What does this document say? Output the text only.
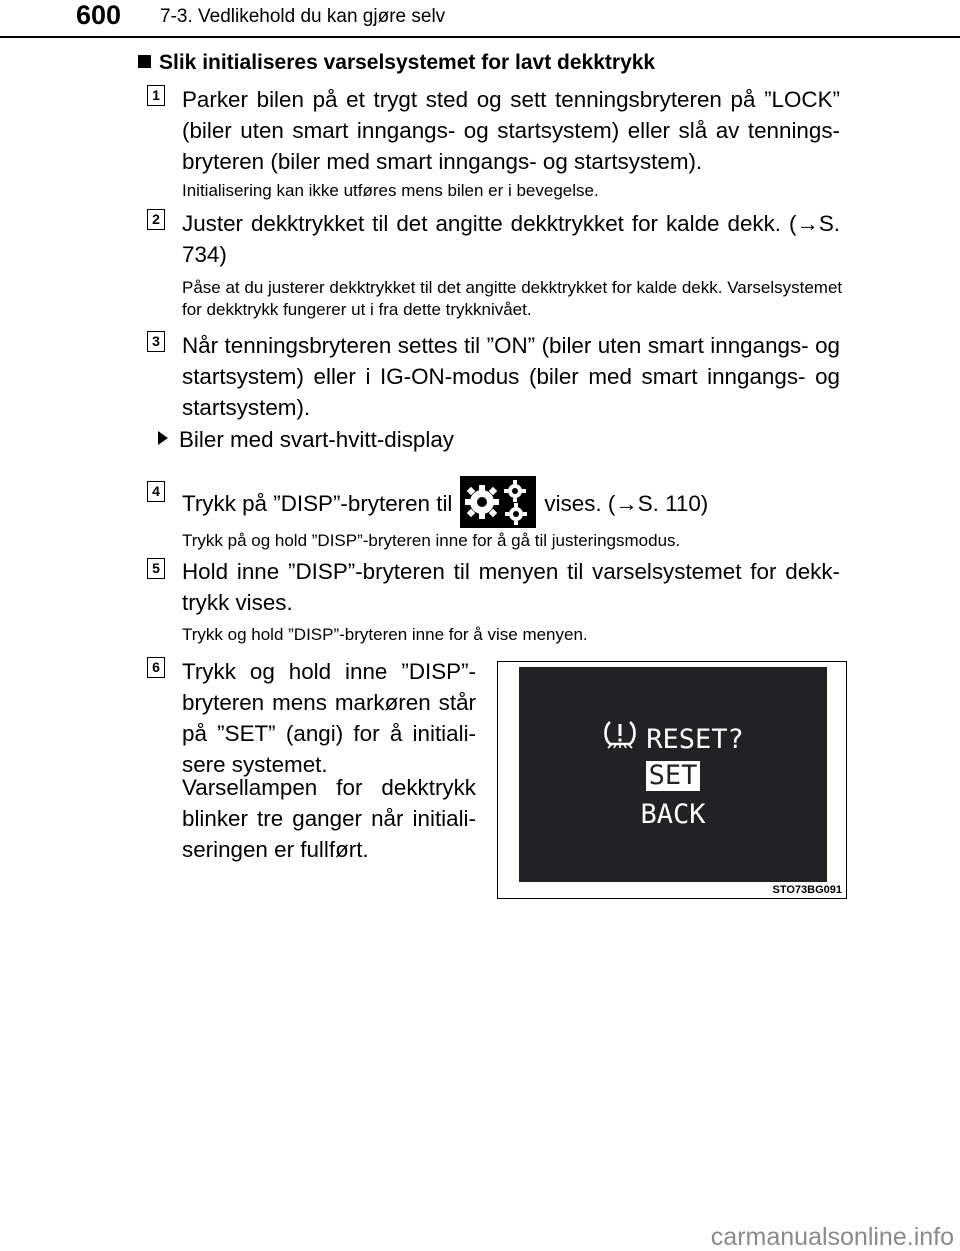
600 7-3. Vedlikehold du kan gjøre selv
Slik initialiseres varselsystemet for lavt dekktrykk
1 Parker bilen på et trygt sted og sett tenningsbryteren på ”LOCK” (biler uten smart inngangs- og startsystem) eller slå av tennings-bryteren (biler med smart inngangs- og startsystem).
Initialisering kan ikke utføres mens bilen er i bevegelse.
2 Juster dekktrykket til det angitte dekktrykket for kalde dekk. (→S. 734)
Påse at du justerer dekktrykket til det angitte dekktrykket for kalde dekk. Varselsystemet for dekktrykk fungerer ut i fra dette trykknivået.
3 Når tenningsbryteren settes til ”ON” (biler uten smart inngangs- og startsystem) eller i IG-ON-modus (biler med smart inngangs- og startsystem).
Biler med svart-hvitt-display
4 Trykk på ”DISP”-bryteren til	vises. (→S. 110)
Trykk på og hold ”DISP”-bryteren inne for å gå til justeringsmodus.
5 Hold inne ”DISP”-bryteren til menyen til varselsystemet for dekk-trykk vises.
Trykk og hold ”DISP”-bryteren inne for å vise menyen.
6 Trykk og hold inne ”DISP”-bryteren mens markøren står på ”SET” (angi) for å initiali-sere systemet.
Varsellampen for dekktrykk blinker tre ganger når initiali-seringen er fullført.
RESET?
SET
BACK
STO73BG091
carmanualsonline.info
